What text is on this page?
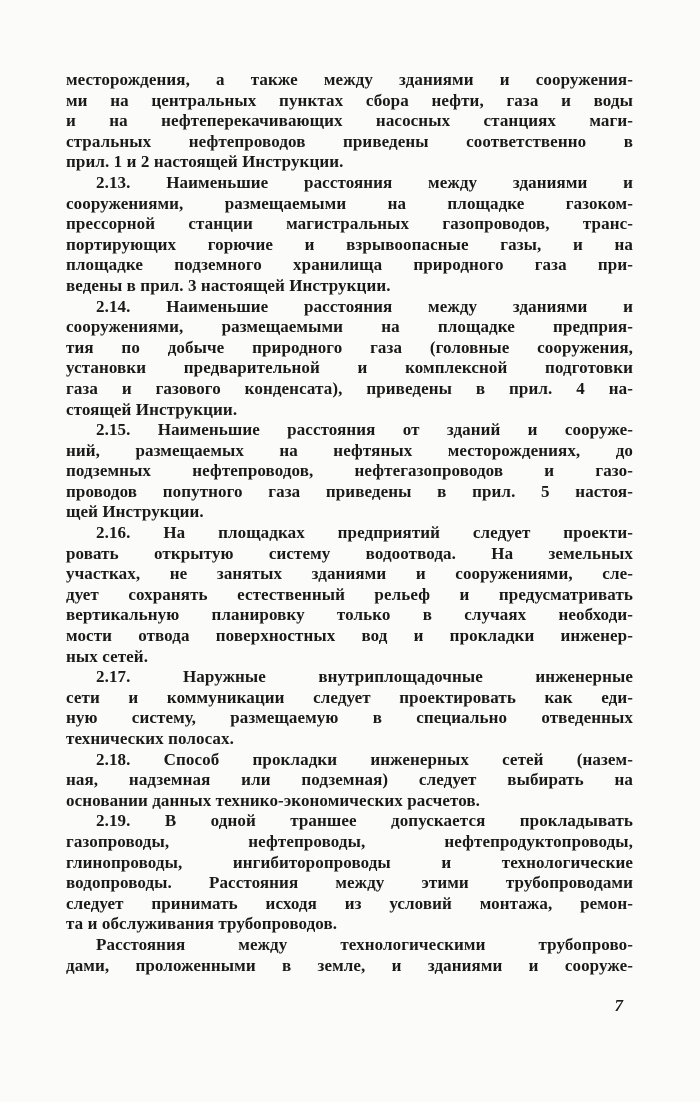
месторождения, а также между зданиями и сооружения-
ми на центральных пунктах сбора нефти, газа и воды
и на нефтеперекачивающих насосных станциях маги-
стральных нефтепроводов приведены соответственно в
прил. 1 и 2 настоящей Инструкции.
2.13. Наименьшие расстояния между зданиями и
сооружениями, размещаемыми на площадке газоком-
прессорной станции магистральных газопроводов, транс-
портирующих горючие и взрывоопасные газы, и на
площадке подземного хранилища природного газа при-
ведены в прил. 3 настоящей Инструкции.
2.14. Наименьшие расстояния между зданиями и
сооружениями, размещаемыми на площадке предприя-
тия по добыче природного газа (головные сооружения,
установки предварительной и комплексной подготовки
газа и газового конденсата), приведены в прил. 4 на-
стоящей Инструкции.
2.15. Наименьшие расстояния от зданий и сооруже-
ний, размещаемых на нефтяных месторождениях, до
подземных нефтепроводов, нефтегазопроводов и газо-
проводов попутного газа приведены в прил. 5 настоя-
щей Инструкции.
2.16. На площадках предприятий следует проекти-
ровать открытую систему водоотвода. На земельных
участках, не занятых зданиями и сооружениями, сле-
дует сохранять естественный рельеф и предусматривать
вертикальную планировку только в случаях необходи-
мости отвода поверхностных вод и прокладки инженер-
ных сетей.
2.17. Наружные внутриплощадочные инженерные
сети и коммуникации следует проектировать как еди-
ную систему, размещаемую в специально отведенных
технических полосах.
2.18. Способ прокладки инженерных сетей (назем-
ная, надземная или подземная) следует выбирать на
основании данных технико-экономических расчетов.
2.19. В одной траншее допускается прокладывать
газопроводы, нефтепроводы, нефтепродуктопроводы,
глинопроводы, ингибиторопроводы и технологические
водопроводы. Расстояния между этими трубопроводами
следует принимать исходя из условий монтажа, ремон-
та и обслуживания трубопроводов.
Расстояния между технологическими трубопрово-
дами, проложенными в земле, и зданиями и сооруже-
7
